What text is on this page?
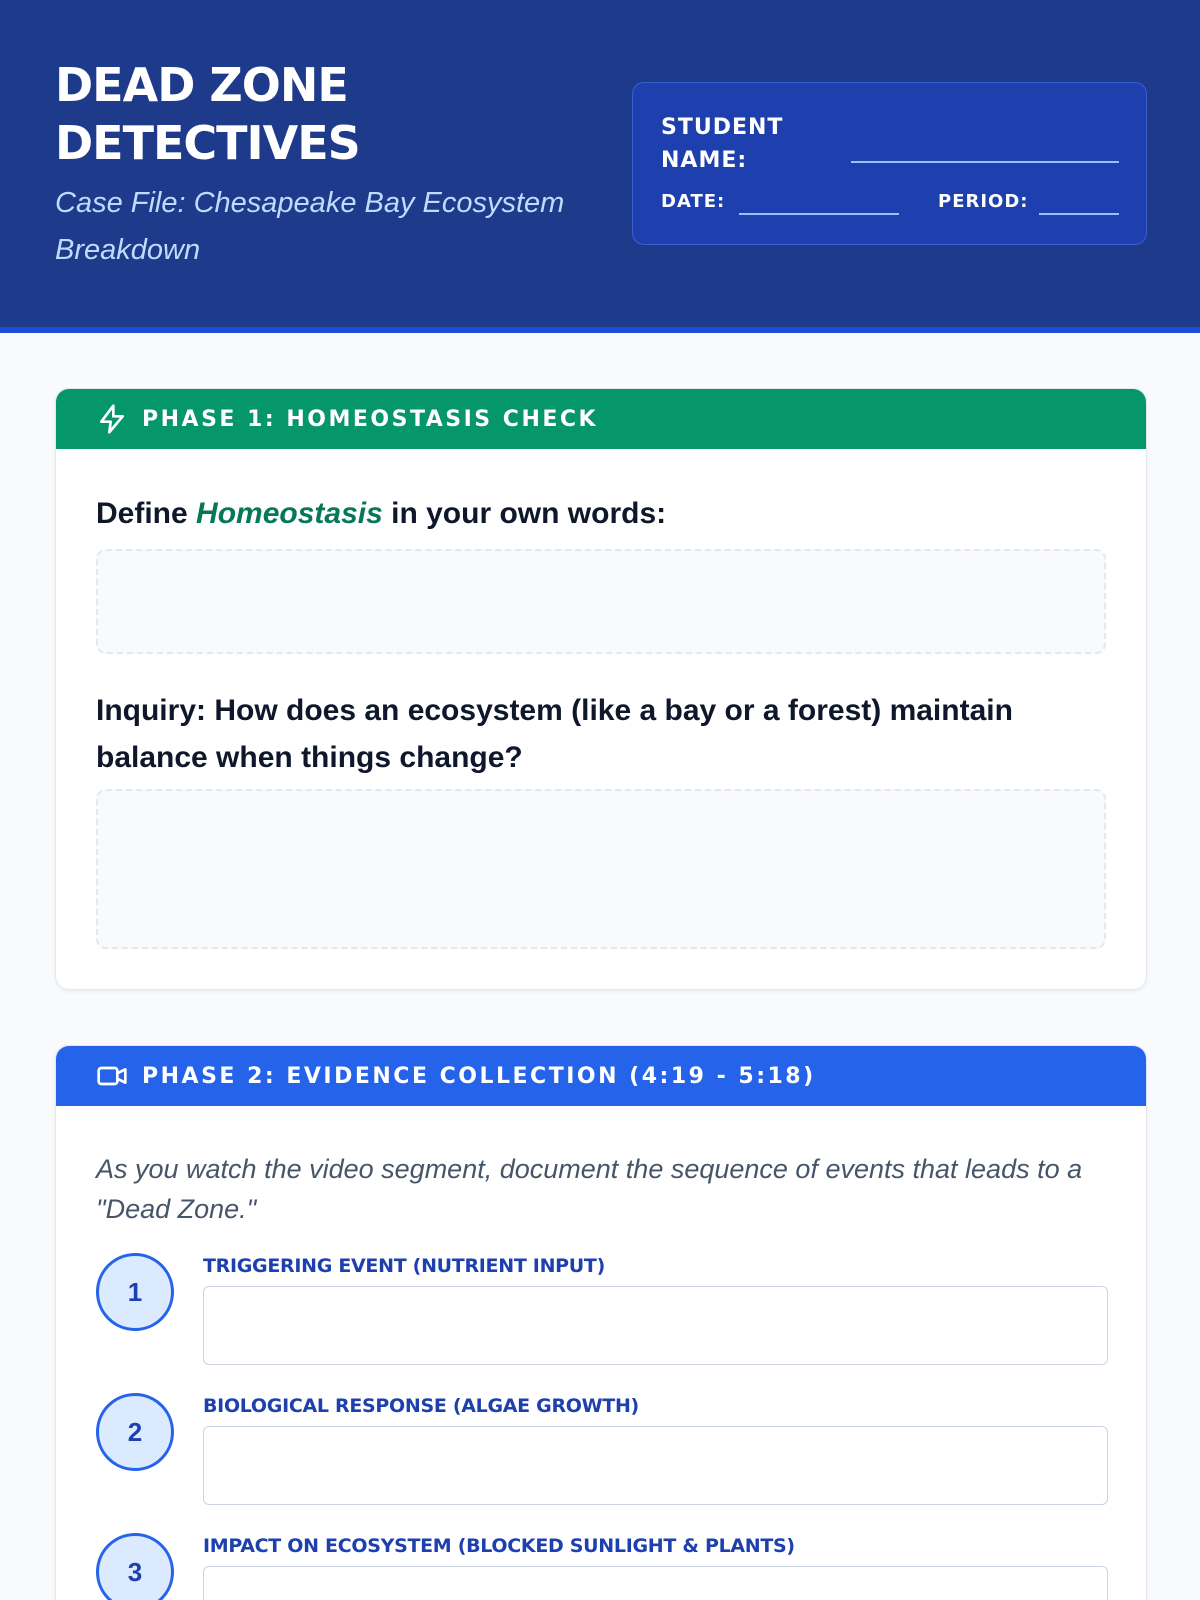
DEAD ZONE
DETECTIVES
Case File: Chesapeake Bay Ecosystem Breakdown
STUDENT
NAME:
DATE:	PERIOD:
PHASE 1: HOMEOSTASIS CHECK
Define Homeostasis in your own words:
Inquiry: How does an ecosystem (like a bay or a forest) maintain balance when things change?
PHASE 2: EVIDENCE COLLECTION (4:19 - 5:18)
As you watch the video segment, document the sequence of events that leads to a "Dead Zone."
1
TRIGGERING EVENT (NUTRIENT INPUT)
2
BIOLOGICAL RESPONSE (ALGAE GROWTH)
3
IMPACT ON ECOSYSTEM (BLOCKED SUNLIGHT & PLANTS)
